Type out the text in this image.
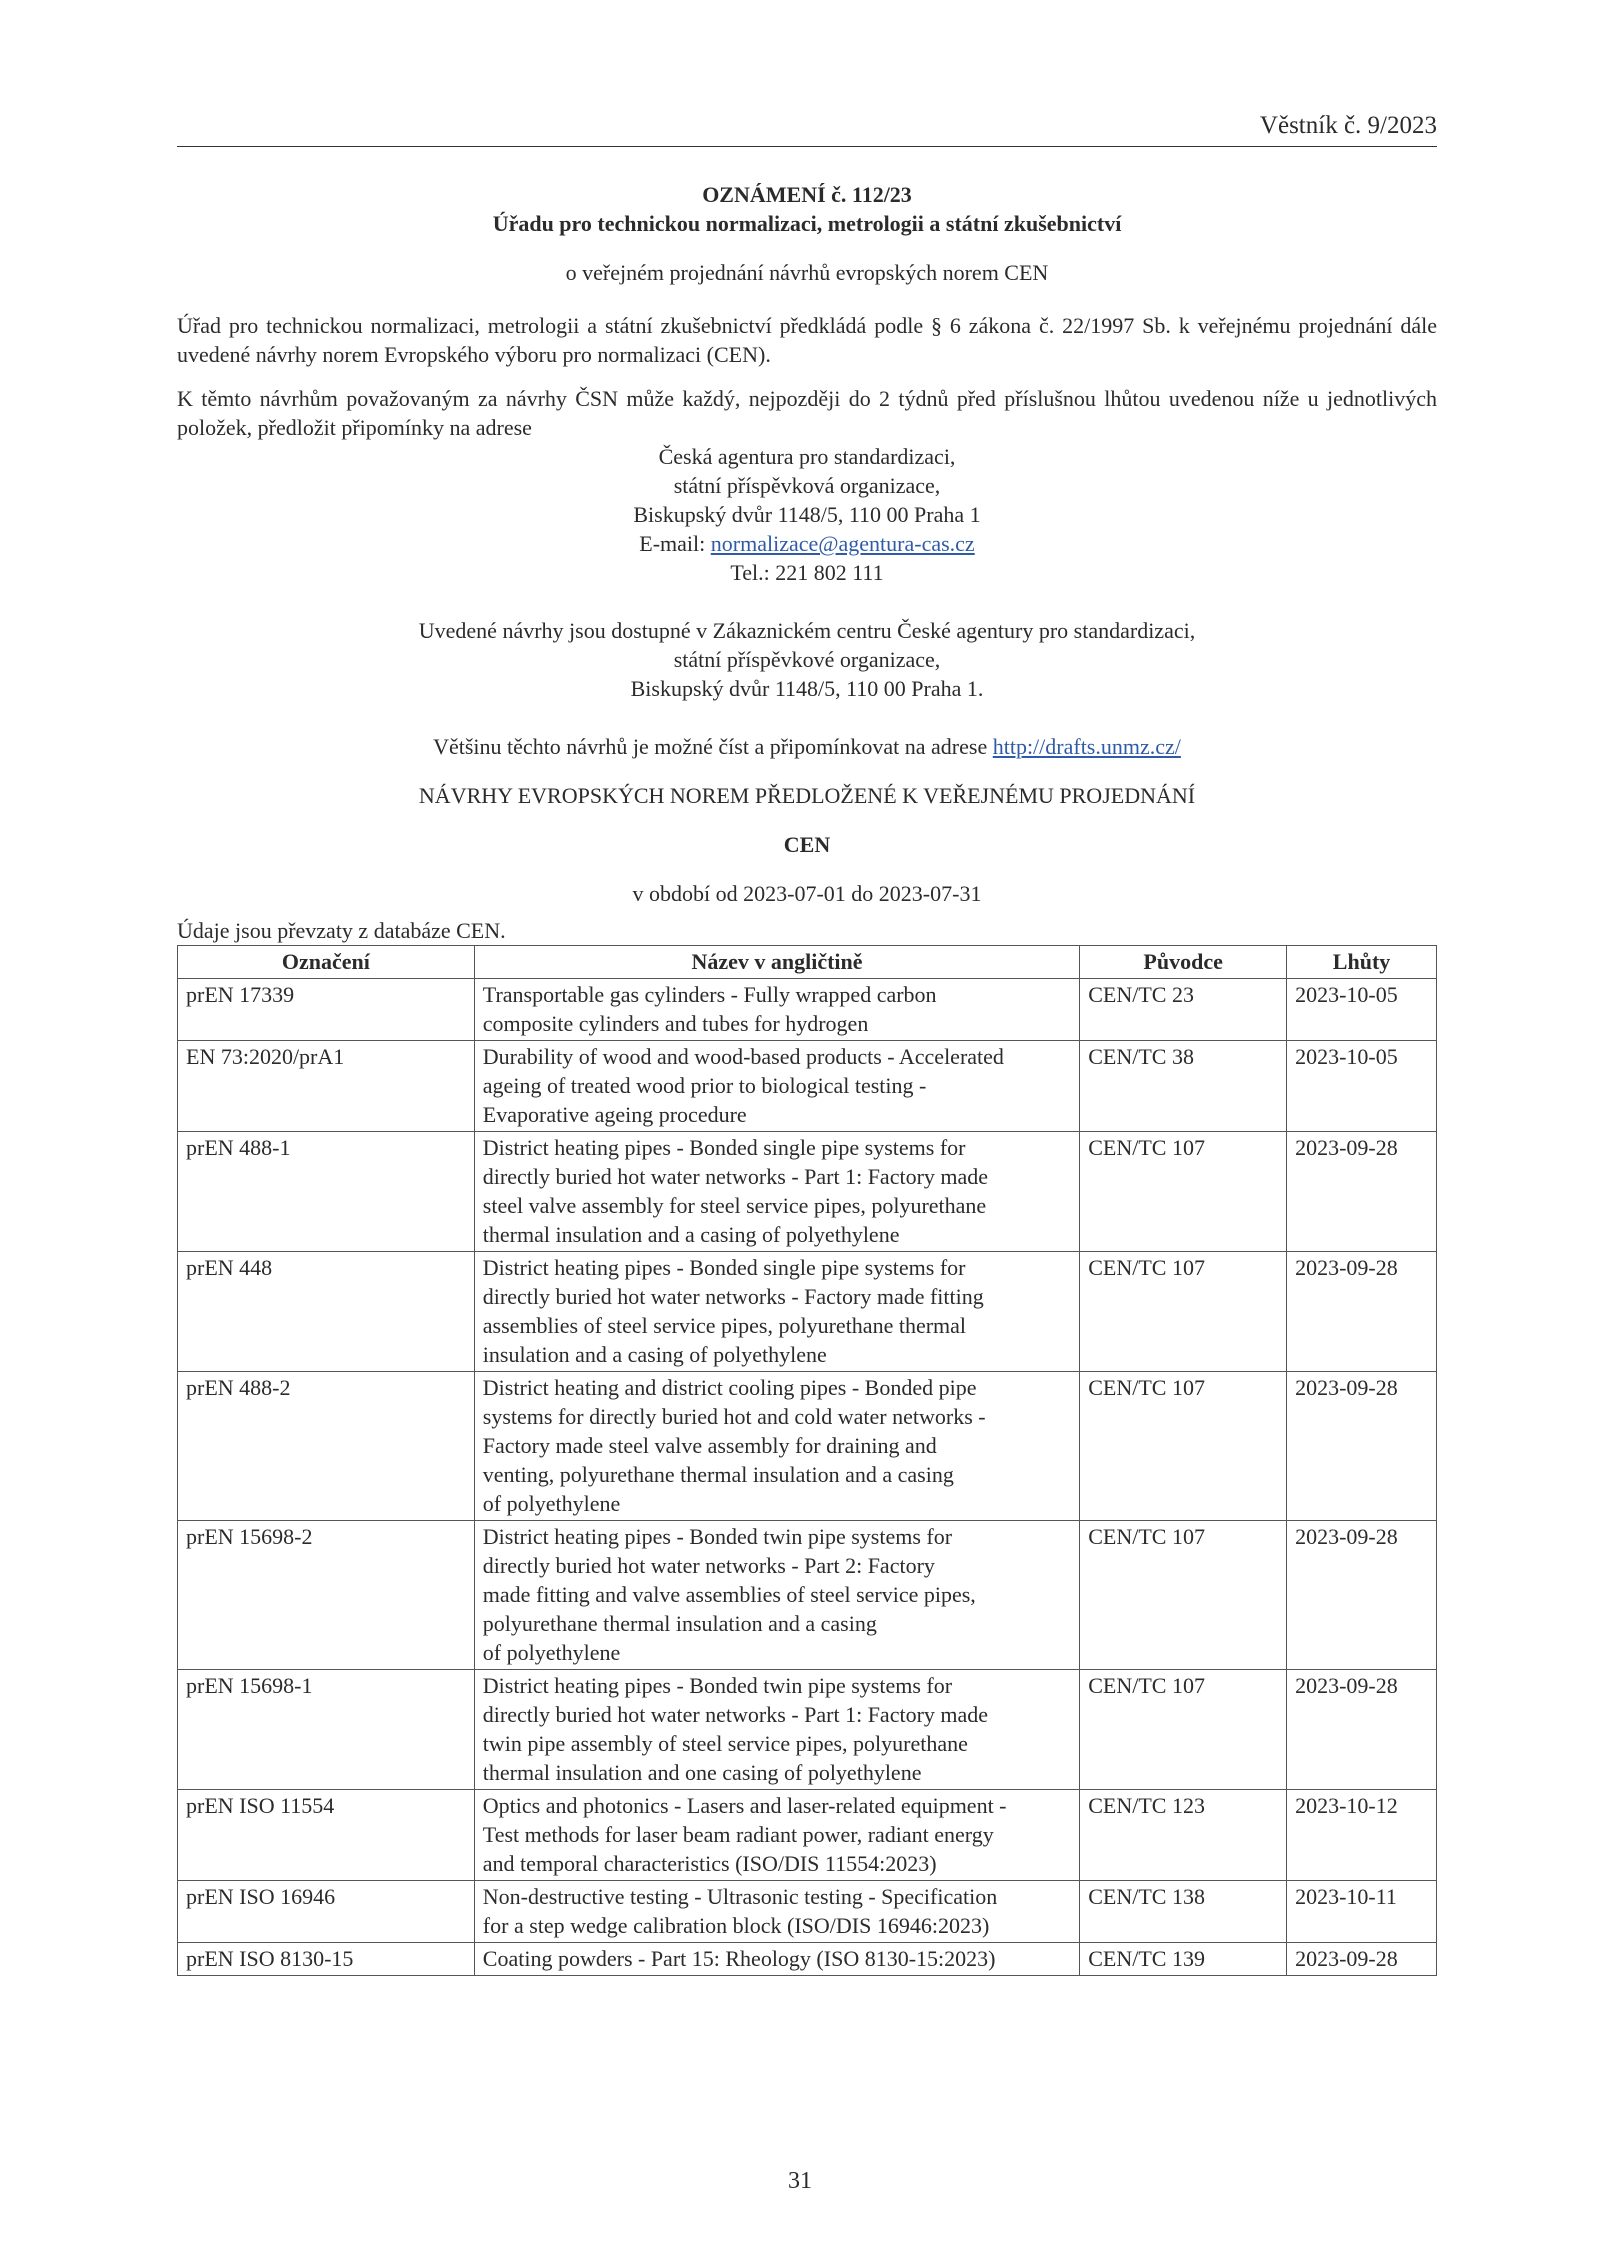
Věstník č. 9/2023
OZNÁMENÍ č. 112/23
Úřadu pro technickou normalizaci, metrologii a státní zkušebnictví
o veřejném projednání návrhů evropských norem CEN
Úřad pro technickou normalizaci, metrologii a státní zkušebnictví předkládá podle § 6 zákona č. 22/1997 Sb. k veřejnému projednání dále uvedené návrhy norem Evropského výboru pro normalizaci (CEN).
K těmto návrhům považovaným za návrhy ČSN může každý, nejpozději do 2 týdnů před příslušnou lhůtou uvedenou níže u jednotlivých položek, předložit připomínky na adrese
Česká agentura pro standardizaci,
státní příspěvková organizace,
Biskupský dvůr 1148/5, 110 00 Praha 1
E-mail: normalizace@agentura-cas.cz
Tel.: 221 802 111
Uvedené návrhy jsou dostupné v Zákaznickém centru České agentury pro standardizaci,
státní příspěvkové organizace,
Biskupský dvůr 1148/5, 110 00 Praha 1.
Většinu těchto návrhů je možné číst a připomínkovat na adrese http://drafts.unmz.cz/
NÁVRHY EVROPSKÝCH NOREM PŘEDLOŽENÉ K VEŘEJNÉMU PROJEDNÁNÍ
CEN
v období od 2023-07-01 do 2023-07-31
Údaje jsou převzaty z databáze CEN.
Označení	Název v angličtině	Původce	Lhůty
prEN 17339	Transportable gas cylinders - Fully wrapped carbon
composite cylinders and tubes for hydrogen	CEN/TC 23	2023-10-05
EN 73:2020/prA1	Durability of wood and wood-based products - Accelerated
ageing of treated wood prior to biological testing -
Evaporative ageing procedure	CEN/TC 38	2023-10-05
prEN 488-1	District heating pipes - Bonded single pipe systems for
directly buried hot water networks - Part 1: Factory made
steel valve assembly for steel service pipes, polyurethane
thermal insulation and a casing of polyethylene	CEN/TC 107	2023-09-28
prEN 448	District heating pipes - Bonded single pipe systems for
directly buried hot water networks - Factory made fitting
assemblies of steel service pipes, polyurethane thermal
insulation and a casing of polyethylene	CEN/TC 107	2023-09-28
prEN 488-2	District heating and district cooling pipes - Bonded pipe
systems for directly buried hot and cold water networks -
Factory made steel valve assembly for draining and
venting, polyurethane thermal insulation and a casing
of polyethylene	CEN/TC 107	2023-09-28
prEN 15698-2	District heating pipes - Bonded twin pipe systems for
directly buried hot water networks - Part 2: Factory
made fitting and valve assemblies of steel service pipes,
polyurethane thermal insulation and a casing
of polyethylene	CEN/TC 107	2023-09-28
prEN 15698-1	District heating pipes - Bonded twin pipe systems for
directly buried hot water networks - Part 1: Factory made
twin pipe assembly of steel service pipes, polyurethane
thermal insulation and one casing of polyethylene	CEN/TC 107	2023-09-28
prEN ISO 11554	Optics and photonics - Lasers and laser-related equipment -
Test methods for laser beam radiant power, radiant energy
and temporal characteristics (ISO/DIS 11554:2023)	CEN/TC 123	2023-10-12
prEN ISO 16946	Non-destructive testing - Ultrasonic testing - Specification
for a step wedge calibration block (ISO/DIS 16946:2023)	CEN/TC 138	2023-10-11
prEN ISO 8130-15	Coating powders - Part 15: Rheology (ISO 8130-15:2023)	CEN/TC 139	2023-09-28
31
